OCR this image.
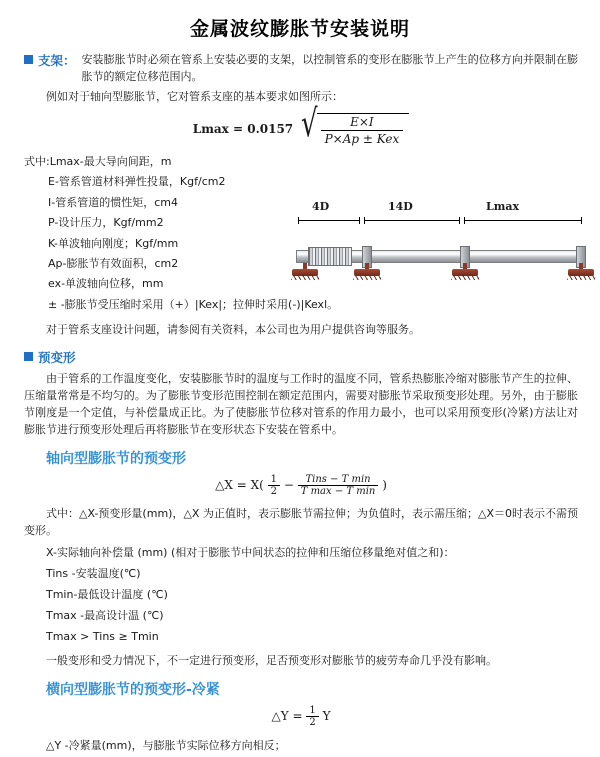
金属波纹膨胀节安装说明
支架： 安装膨胀节时必须在管系上安装必要的支架，以控制管系的变形在膨胀节上产生的位移方向并限制在膨胀节的额定位移范围内。

例如对于轴向型膨胀节，它对管系支座的基本要求如图所示：

Lmax = 0.0157 √ $\frac{E\times I}{\text{P×Ap ± Kex}}$
式中:Lmax-最大导向间距，m
E-管系管道材料弹性投量，Kgf/cm2
I-管系管道的惯性矩，cm4
P-设计压力，Kgf/mm2
K-单波轴向刚度；Kgf/mm
Ap-膨胀节有效面积，cm2
ex-单波轴向位移，mm
± -膨胀节受压缩时采用（+）|Kex|；拉伸时采用(-)|Kexl。

对于管系支座设计问题，请参阅有关资料，本公司也为用户提供咨询等服务。

预变形

由于管系的工作温度变化，安装膨胀节时的温度与工作时的温度不同，管系热膨胀冷缩对膨胀节产生的拉伸、压缩量常常是不均匀的。为了膨胀节变形范围控制在额定范围内，需要对膨胀节采取预变形处理。另外，由于膨胀节刚度是一个定值，与补偿量成正比。为了使膨胀节位移对管系的作用力最小，也可以采用预变形(冷紧)方法让对膨胀节进行预变形处理后再将膨胀节在变形状态下安装在管系中。

轴向型膨胀节的预变形
△X = $X( \frac{1}{2} - \frac{\text{Tins − T min}}{\text{T max − T min}}$ )

式中：△X-预变形量(mm)，△X 为正值时，表示膨胀节需拉伸；为负值时，表示需压缩；△X＝0时表示不需预变形。

X-实际轴向补偿量 (mm) (相对于膨胀节中间状态的拉伸和压缩位移量绝对值之和)：
Tins -安装温度(℃)
Tmin-最低设计温度 (℃)
Tmax -最高设计温 (℃)
Tmax > Tins ≥ Tmin

一般变形和受力情况下，不一定进行预变形，足否预变形对膨胀节的疲劳寿命几乎没有影响。

横向型膨胀节的预变形-冷紧
△Y = $\frac{1}{2}$ Y
△Y -冷紧量(mm)，与膨胀节实际位移方向相反；
4D	14D	Lmax
